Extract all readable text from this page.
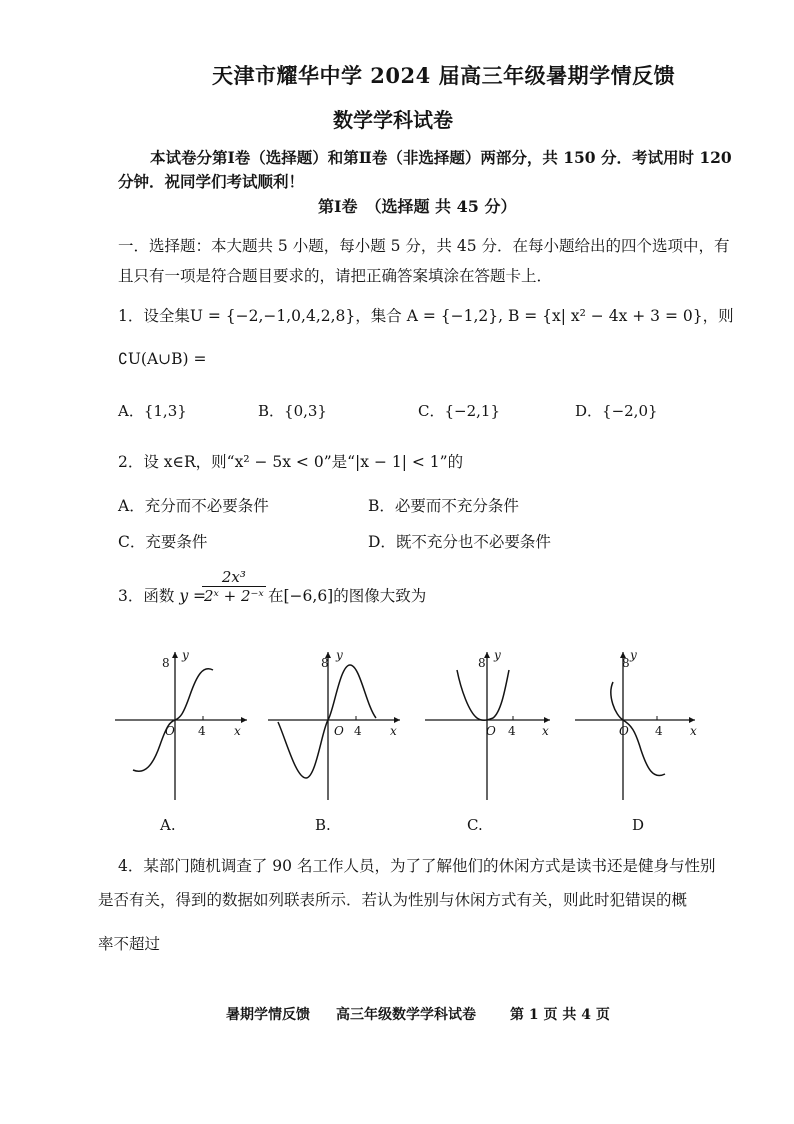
天津市耀华中学 2024 届高三年级暑期学情反馈
数学学科试卷
本试卷分第Ⅰ卷（选择题）和第Ⅱ卷（非选择题）两部分，共 150 分．考试用时 120
分钟．祝同学们考试顺利！
第Ⅰ卷　（选择题 共 45 分）
一．选择题：本大题共 5 小题，每小题 5 分，共 45 分．在每小题给出的四个选项中，有
且只有一项是符合题目要求的，请把正确答案填涂在答题卡上．
1．设全集U = {−2,−1,0,4,2,8}，集合 A = {−1,2}, B = {x| x² − 4x + 3 = 0}，则
∁U(A∪B) =
A．{1,3}	B．{0,3}	C．{−2,1}	D．{−2,0}
2．设 x∈R，则“x² − 5x < 0”是“|x − 1| < 1”的
A．充分而不必要条件	B．必要而不充分条件
C．充要条件	D．既不充分也不必要条件
3．函数 y =
$\frac{\text{2x³}}{\text{2ˣ + 2⁻ˣ}}$ 在[−6,6]的图像大致为
8
y
O 4 x
8
y
O 4 x
8
y
O 4 x
8
y
O 4 x
A.	B.	C.	D
4．某部门随机调查了 90 名工作人员，为了了解他们的休闲方式是读书还是健身与性别
是否有关，得到的数据如列联表所示．若认为性别与休闲方式有关，则此时犯错误的概
率不超过
暑期学情反馈 高三年级数学学科试卷 第 1 页 共 4 页
